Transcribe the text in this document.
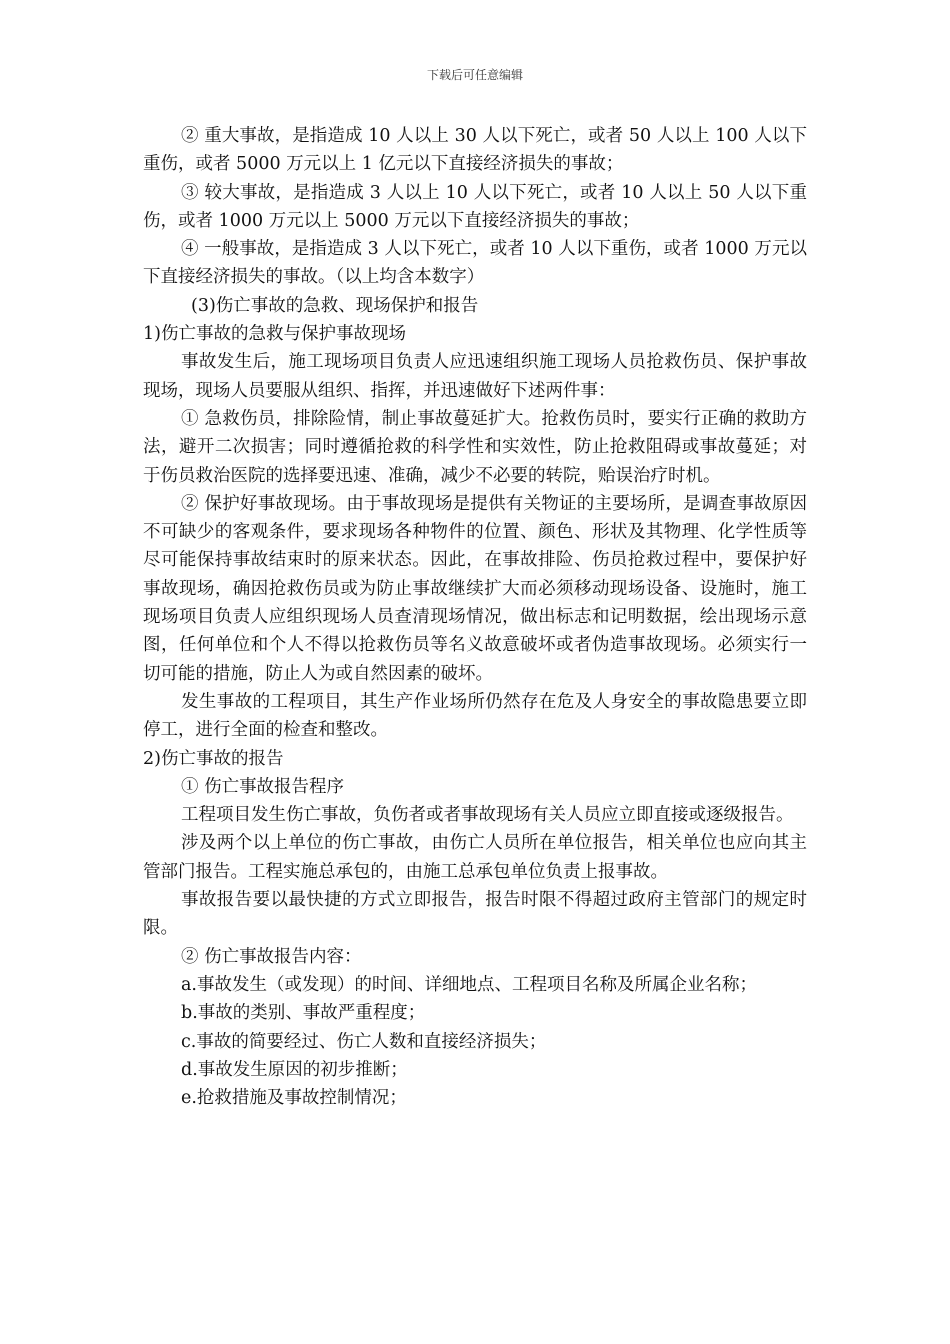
下载后可任意编辑

② 重大事故，是指造成 10 人以上 30 人以下死亡，或者 50 人以上 100 人以下重伤，或者 5000 万元以上 1 亿元以下直接经济损失的事故；

③ 较大事故，是指造成 3 人以上 10 人以下死亡，或者 10 人以上 50 人以下重伤，或者 1000 万元以上 5000 万元以下直接经济损失的事故；

④ 一般事故，是指造成 3 人以下死亡，或者 10 人以下重伤，或者 1000 万元以下直接经济损失的事故。（以上均含本数字）

(3)伤亡事故的急救、现场保护和报告

1)伤亡事故的急救与保护事故现场

事故发生后，施工现场项目负责人应迅速组织施工现场人员抢救伤员、保护事故现场，现场人员要服从组织、指挥，并迅速做好下述两件事：

① 急救伤员，排除险情，制止事故蔓延扩大。抢救伤员时，要实行正确的救助方法，避开二次损害；同时遵循抢救的科学性和实效性，防止抢救阻碍或事故蔓延；对于伤员救治医院的选择要迅速、准确，减少不必要的转院，贻误治疗时机。

② 保护好事故现场。由于事故现场是提供有关物证的主要场所，是调查事故原因不可缺少的客观条件，要求现场各种物件的位置、颜色、形状及其物理、化学性质等尽可能保持事故结束时的原来状态。因此，在事故排险、伤员抢救过程中，要保护好事故现场，确因抢救伤员或为防止事故继续扩大而必须移动现场设备、设施时，施工现场项目负责人应组织现场人员查清现场情况，做出标志和记明数据，绘出现场示意图，任何单位和个人不得以抢救伤员等名义故意破坏或者伪造事故现场。必须实行一切可能的措施，防止人为或自然因素的破坏。

发生事故的工程项目，其生产作业场所仍然存在危及人身安全的事故隐患要立即停工，进行全面的检查和整改。

2)伤亡事故的报告

① 伤亡事故报告程序

工程项目发生伤亡事故，负伤者或者事故现场有关人员应立即直接或逐级报告。

涉及两个以上单位的伤亡事故，由伤亡人员所在单位报告，相关单位也应向其主管部门报告。工程实施总承包的，由施工总承包单位负责上报事故。

事故报告要以最快捷的方式立即报告，报告时限不得超过政府主管部门的规定时限。

② 伤亡事故报告内容：

a.事故发生（或发现）的时间、详细地点、工程项目名称及所属企业名称；

b.事故的类别、事故严重程度；

c.事故的简要经过、伤亡人数和直接经济损失；

d.事故发生原因的初步推断；

e.抢救措施及事故控制情况；
